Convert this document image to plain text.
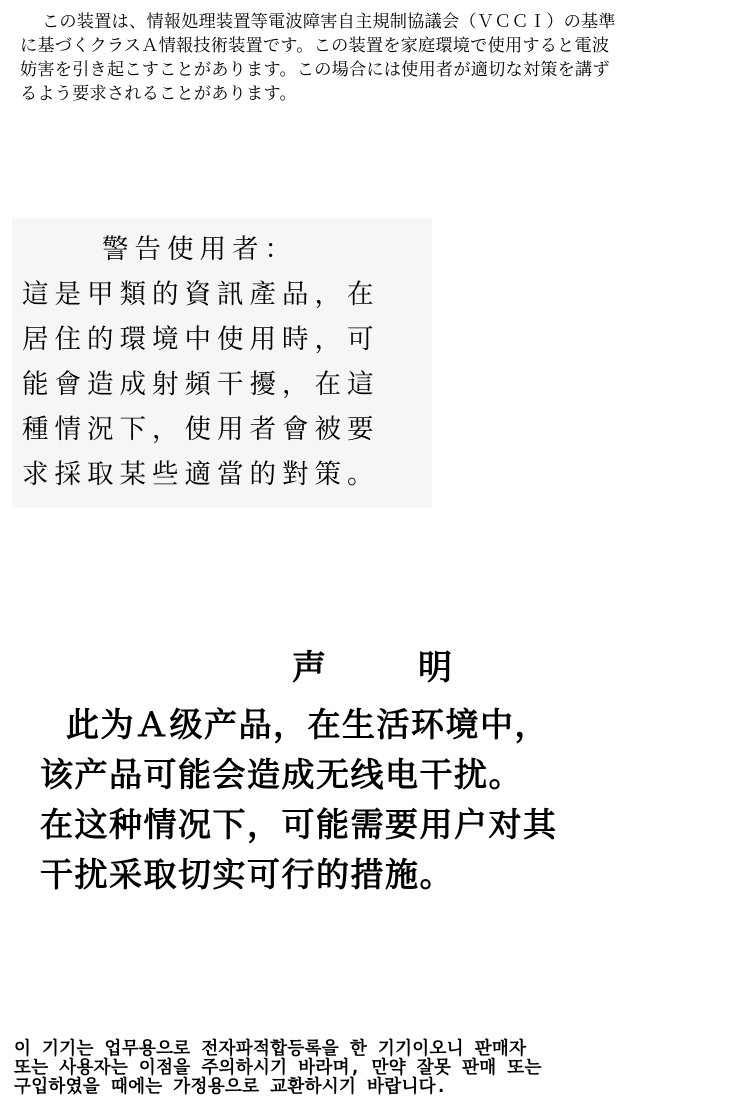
この装置は、情報処理装置等電波障害自主規制協議会（ＶＣＣＩ）の基準
に基づくクラスＡ情報技術装置です。この装置を家庭環境で使用すると電波
妨害を引き起こすことがあります。この場合には使用者が適切な対策を講ず
るよう要求されることがあります。
警告使用者：
這是甲類的資訊產品，在
居住的環境中使用時，可
能會造成射頻干擾，在這
種情況下，使用者會被要
求採取某些適當的對策。
声	明
此为Ａ级产品，在生活环境中，
该产品可能会造成无线电干扰。
在这种情况下，可能需要用户对其
干扰采取切实可行的措施。
이 기기는 업무용으로 전자파적합등록을 한 기기이오니 판매자
또는 사용자는 이점을 주의하시기 바라며, 만약 잘못 판매 또는
구입하였을 때에는 가정용으로 교환하시기 바랍니다.
